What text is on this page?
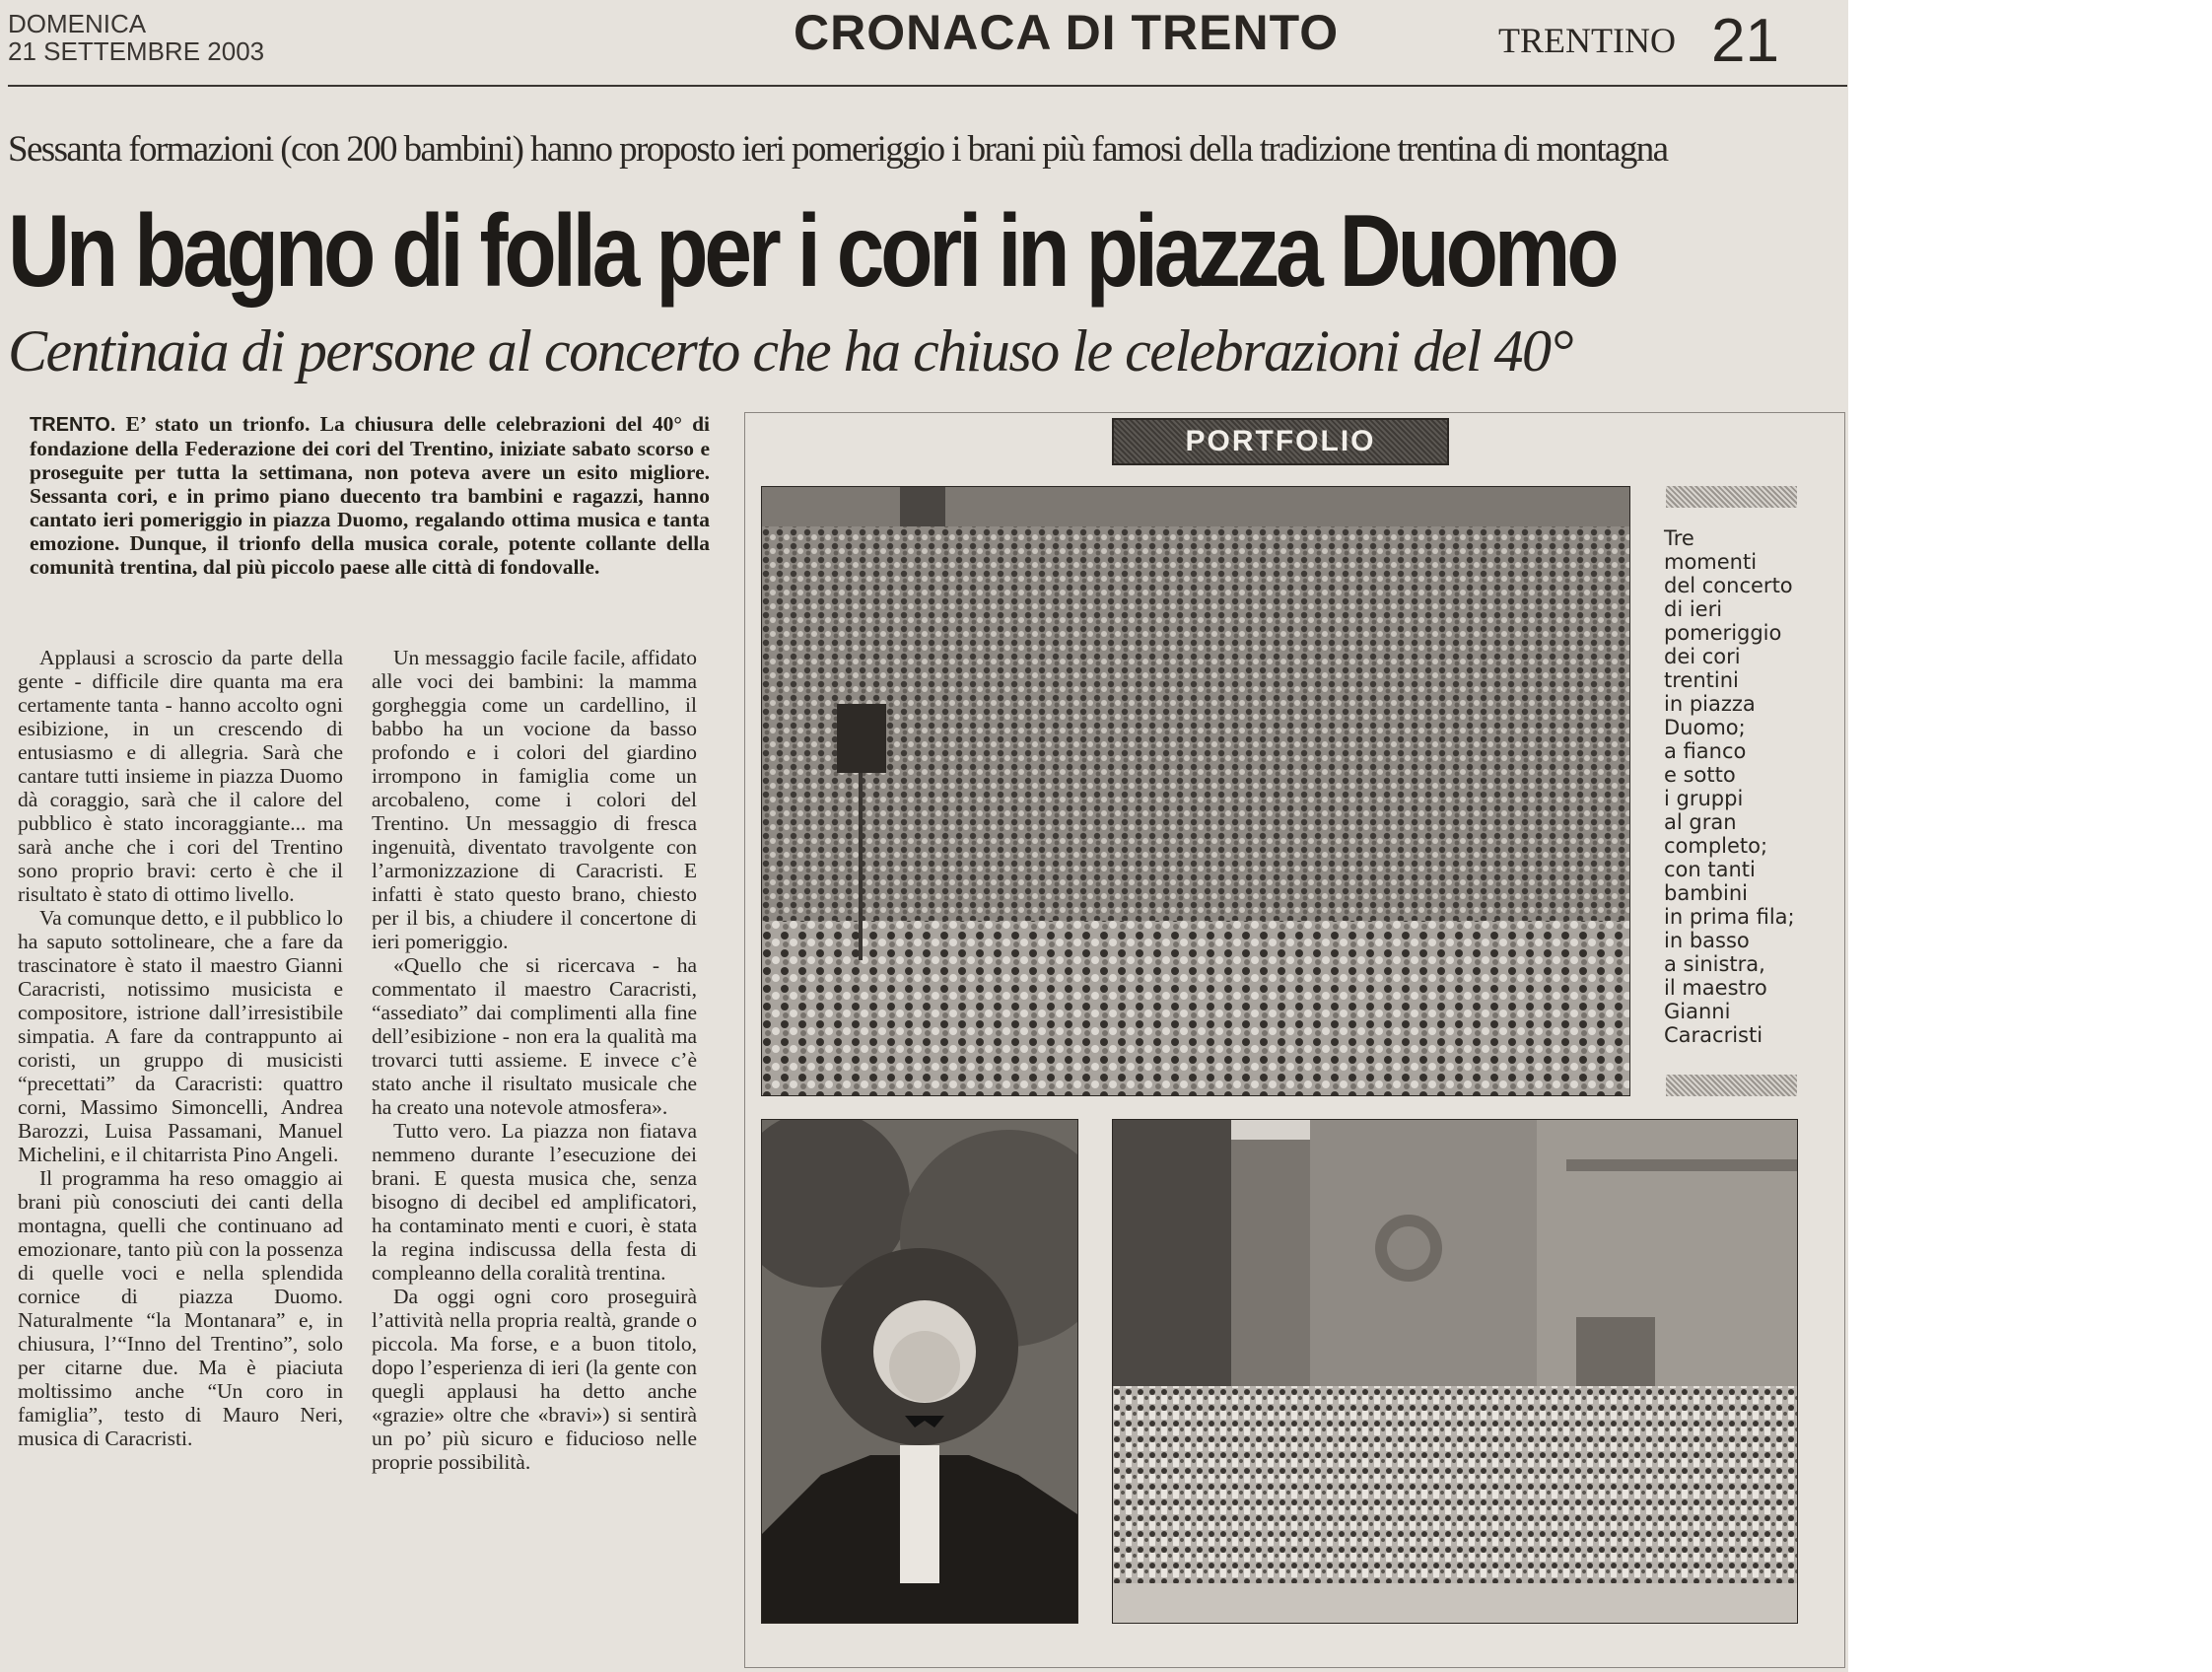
DOMENICA
21 SETTEMBRE 2003	CRONACA DI TRENTO	TRENTINO 21
Sessanta formazioni (con 200 bambini) hanno proposto ieri pomeriggio i brani più famosi della tradizione trentina di montagna
Un bagno di folla per i cori in piazza Duomo
Centinaia di persone al concerto che ha chiuso le celebrazioni del 40°
TRENTO. E’ stato un trionfo. La chiusura delle celebrazioni del 40° di fondazione della Federazione dei cori del Trentino, iniziate sabato scorso e proseguite per tutta la settimana, non poteva avere un esito migliore. Sessanta cori, e in primo piano duecento tra bambini e ragazzi, hanno cantato ieri pomeriggio in piazza Duomo, regalando ottima musica e tanta emozione. Dunque, il trionfo della musica corale, potente collante della comunità trentina, dal più piccolo paese alle città di fondovalle.

Applausi a scroscio da parte della gente - difficile dire quanta ma era certamente tanta - hanno accolto ogni esibizione, in un crescendo di entusiasmo e di allegria. Sarà che cantare tutti insieme in piazza Duomo dà coraggio, sarà che il calore del pubblico è stato incoraggiante... ma sarà anche che i cori del Trentino sono proprio bravi: certo è che il risultato è stato di ottimo livello.

Va comunque detto, e il pubblico lo ha saputo sottolineare, che a fare da trascinatore è stato il maestro Gianni Caracristi, notissimo musicista e compositore, istrione dall’irresistibile simpatia. A fare da contrappunto ai coristi, un gruppo di musicisti “precettati” da Caracristi: quattro corni, Massimo Simoncelli, Andrea Barozzi, Luisa Passamani, Manuel Michelini, e il chitarrista Pino Angeli.

Il programma ha reso omaggio ai brani più conosciuti dei canti della montagna, quelli che continuano ad emozionare, tanto più con la possenza di quelle voci e nella splendida cornice di piazza Duomo. Naturalmente “la Montanara” e, in chiusura, l’“Inno del Trentino”, solo per citarne due. Ma è piaciuta moltissimo anche “Un coro in famiglia”, testo di Mauro Neri, musica di Caracristi.

Un messaggio facile facile, affidato alle voci dei bambini: la mamma gorgheggia come un cardellino, il babbo ha un vocione da basso profondo e i colori del giardino irrompono in famiglia come un arcobaleno, come i colori del Trentino. Un messaggio di fresca ingenuità, diventato travolgente con l’armonizzazione di Caracristi. E infatti è stato questo brano, chiesto per il bis, a chiudere il concertone di ieri pomeriggio.

«Quello che si ricercava - ha commentato il maestro Caracristi, “assediato” dai complimenti alla fine dell’esibizione - non era la qualità ma trovarci tutti assieme. E invece c’è stato anche il risultato musicale che ha creato una notevole atmosfera».

Tutto vero. La piazza non fiatava nemmeno durante l’esecuzione dei brani. E questa musica che, senza bisogno di decibel ed amplificatori, ha contaminato menti e cuori, è stata la regina indiscussa della festa di compleanno della coralità trentina.

Da oggi ogni coro proseguirà l’attività nella propria realtà, grande o piccola. Ma forse, e a buon titolo, dopo l’esperienza di ieri (la gente con quegli applausi ha detto anche «grazie» oltre che «bravi») si sentirà un po’ più sicuro e fiducioso nelle proprie possibilità.

PORTFOLIO
Tre
momenti
del concerto
di ieri
pomeriggio
dei cori
trentini
in piazza
Duomo;
a fianco
e sotto
i gruppi
al gran
completo;
con tanti
bambini
in prima fila;
in basso
a sinistra,
il maestro
Gianni
Caracristi
